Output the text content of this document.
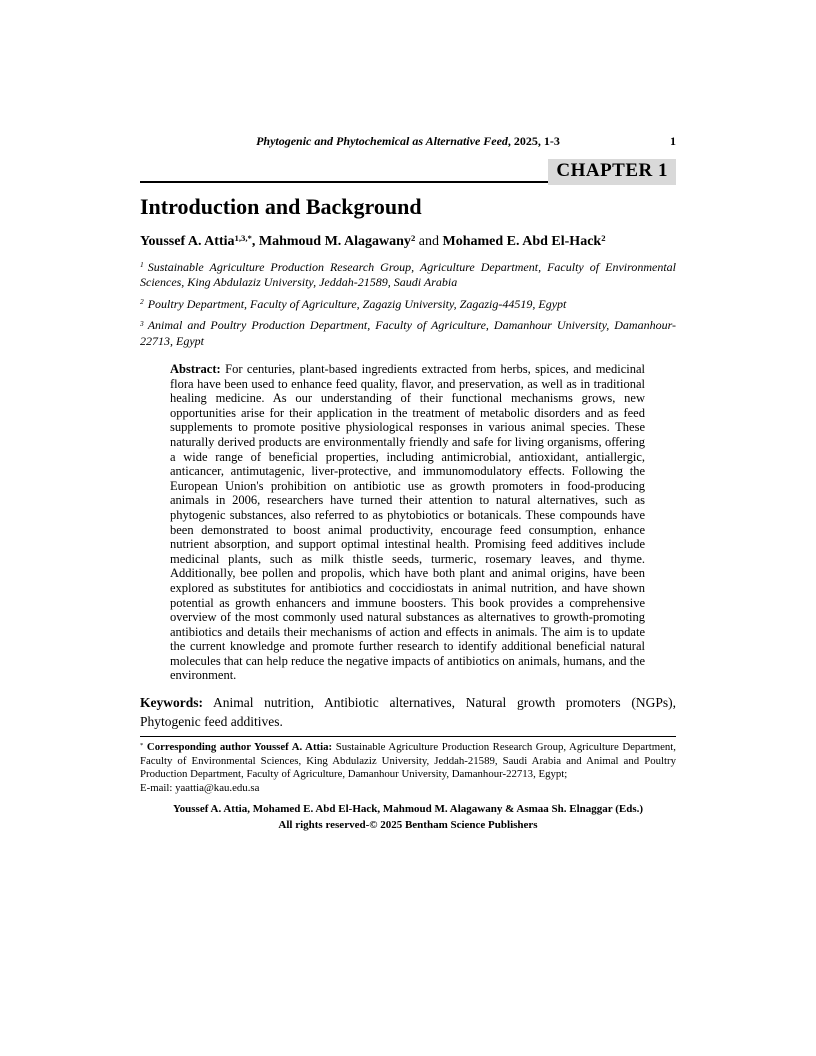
Phytogenic and Phytochemical as Alternative Feed, 2025, 1-3	1
CHAPTER 1
Introduction and Background

Youssef A. Attia$^{1,3,*}$, Mahmoud M. Alagawany$^2$ and Mohamed E. Abd El-Hack$^2$

$^1$ Sustainable Agriculture Production Research Group, Agriculture Department, Faculty of Environmental Sciences, King Abdulaziz University, Jeddah-21589, Saudi Arabia

$^2$ Poultry Department, Faculty of Agriculture, Zagazig University, Zagazig-44519, Egypt

$^3$ Animal and Poultry Production Department, Faculty of Agriculture, Damanhour University, Damanhour-22713, Egypt

Abstract: For centuries, plant-based ingredients extracted from herbs, spices, and medicinal flora have been used to enhance feed quality, flavor, and preservation, as well as in traditional healing medicine. As our understanding of their functional mechanisms grows, new opportunities arise for their application in the treatment of metabolic disorders and as feed supplements to promote positive physiological responses in various animal species. These naturally derived products are environmentally friendly and safe for living organisms, offering a wide range of beneficial properties, including antimicrobial, antioxidant, antiallergic, anticancer, antimutagenic, liver-protective, and immunomodulatory effects. Following the European Union's prohibition on antibiotic use as growth promoters in food-producing animals in 2006, researchers have turned their attention to natural alternatives, such as phytogenic substances, also referred to as phytobiotics or botanicals. These compounds have been demonstrated to boost animal productivity, encourage feed consumption, enhance nutrient absorption, and support optimal intestinal health. Promising feed additives include medicinal plants, such as milk thistle seeds, turmeric, rosemary leaves, and thyme. Additionally, bee pollen and propolis, which have both plant and animal origins, have been explored as substitutes for antibiotics and coccidiostats in animal nutrition, and have shown potential as growth enhancers and immune boosters. This book provides a comprehensive overview of the most commonly used natural substances as alternatives to growth-promoting antibiotics and details their mechanisms of action and effects in animals. The aim is to update the current knowledge and promote further research to identify additional beneficial natural molecules that can help reduce the negative impacts of antibiotics on animals, humans, and the environment.

Keywords: Animal nutrition, Antibiotic alternatives, Natural growth promoters (NGPs), Phytogenic feed additives.

* Corresponding author Youssef A. Attia: Sustainable Agriculture Production Research Group, Agriculture Department, Faculty of Environmental Sciences, King Abdulaziz University, Jeddah-21589, Saudi Arabia and Animal and Poultry Production Department, Faculty of Agriculture, Damanhour University, Damanhour-22713, Egypt;
E-mail: yaattia@kau.edu.sa
Youssef A. Attia, Mohamed E. Abd El-Hack, Mahmoud M. Alagawany & Asmaa Sh. Elnaggar (Eds.)
All rights reserved-© 2025 Bentham Science Publishers
